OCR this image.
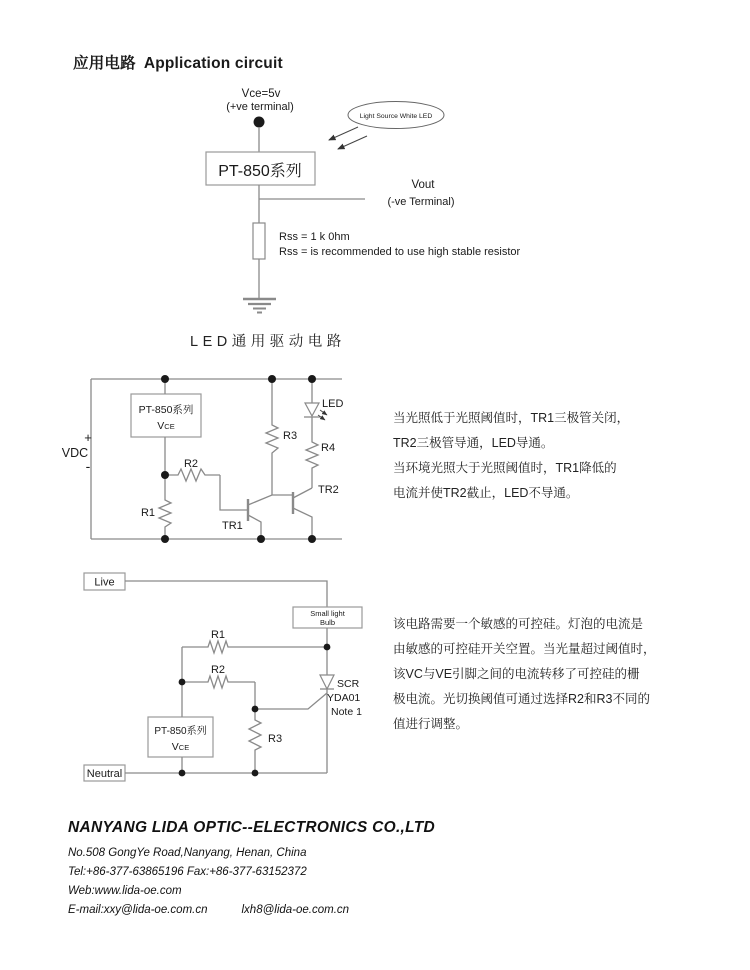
应用电路 Application circuit
Vce=5v
(+ve terminal)
PT-850系列
Vout
(-ve Terminal)
Rss = 1 k 0hm
Rss = is recommended to use high stable resistor
Light Source White LED
LED通用驱动电路
+
VDC
-
PT-850系列
VCE
R1
R2
R3
TR1
TR2
LED
R4
当光照低于光照阈值时，TR1三极管关闭，
TR2三极管导通，LED导通。
当环境光照大于光照阈值时，TR1降低的
电流并使TR2截止，LED不导通。
Live
Small light
Bulb
R1
R2
SCR
YDA01
Note 1
R3
PT-850系列
VCE
Neutral
该电路需要一个敏感的可控硅。灯泡的电流是
由敏感的可控硅开关空置。当光量超过阈值时，
该VC与VE引脚之间的电流转移了可控硅的栅
极电流。光切换阈值可通过选择R2和R3不同的
值进行调整。
NANYANG LIDA OPTIC--ELECTRONICS CO.,LTD
No.508 GongYe Road,Nanyang, Henan, China
Tel:+86-377-63865196 Fax:+86-377-63152372
Web:www.lida-oe.com
E-mail:xxy@lida-oe.com.cn	lxh8@lida-oe.com.cn
